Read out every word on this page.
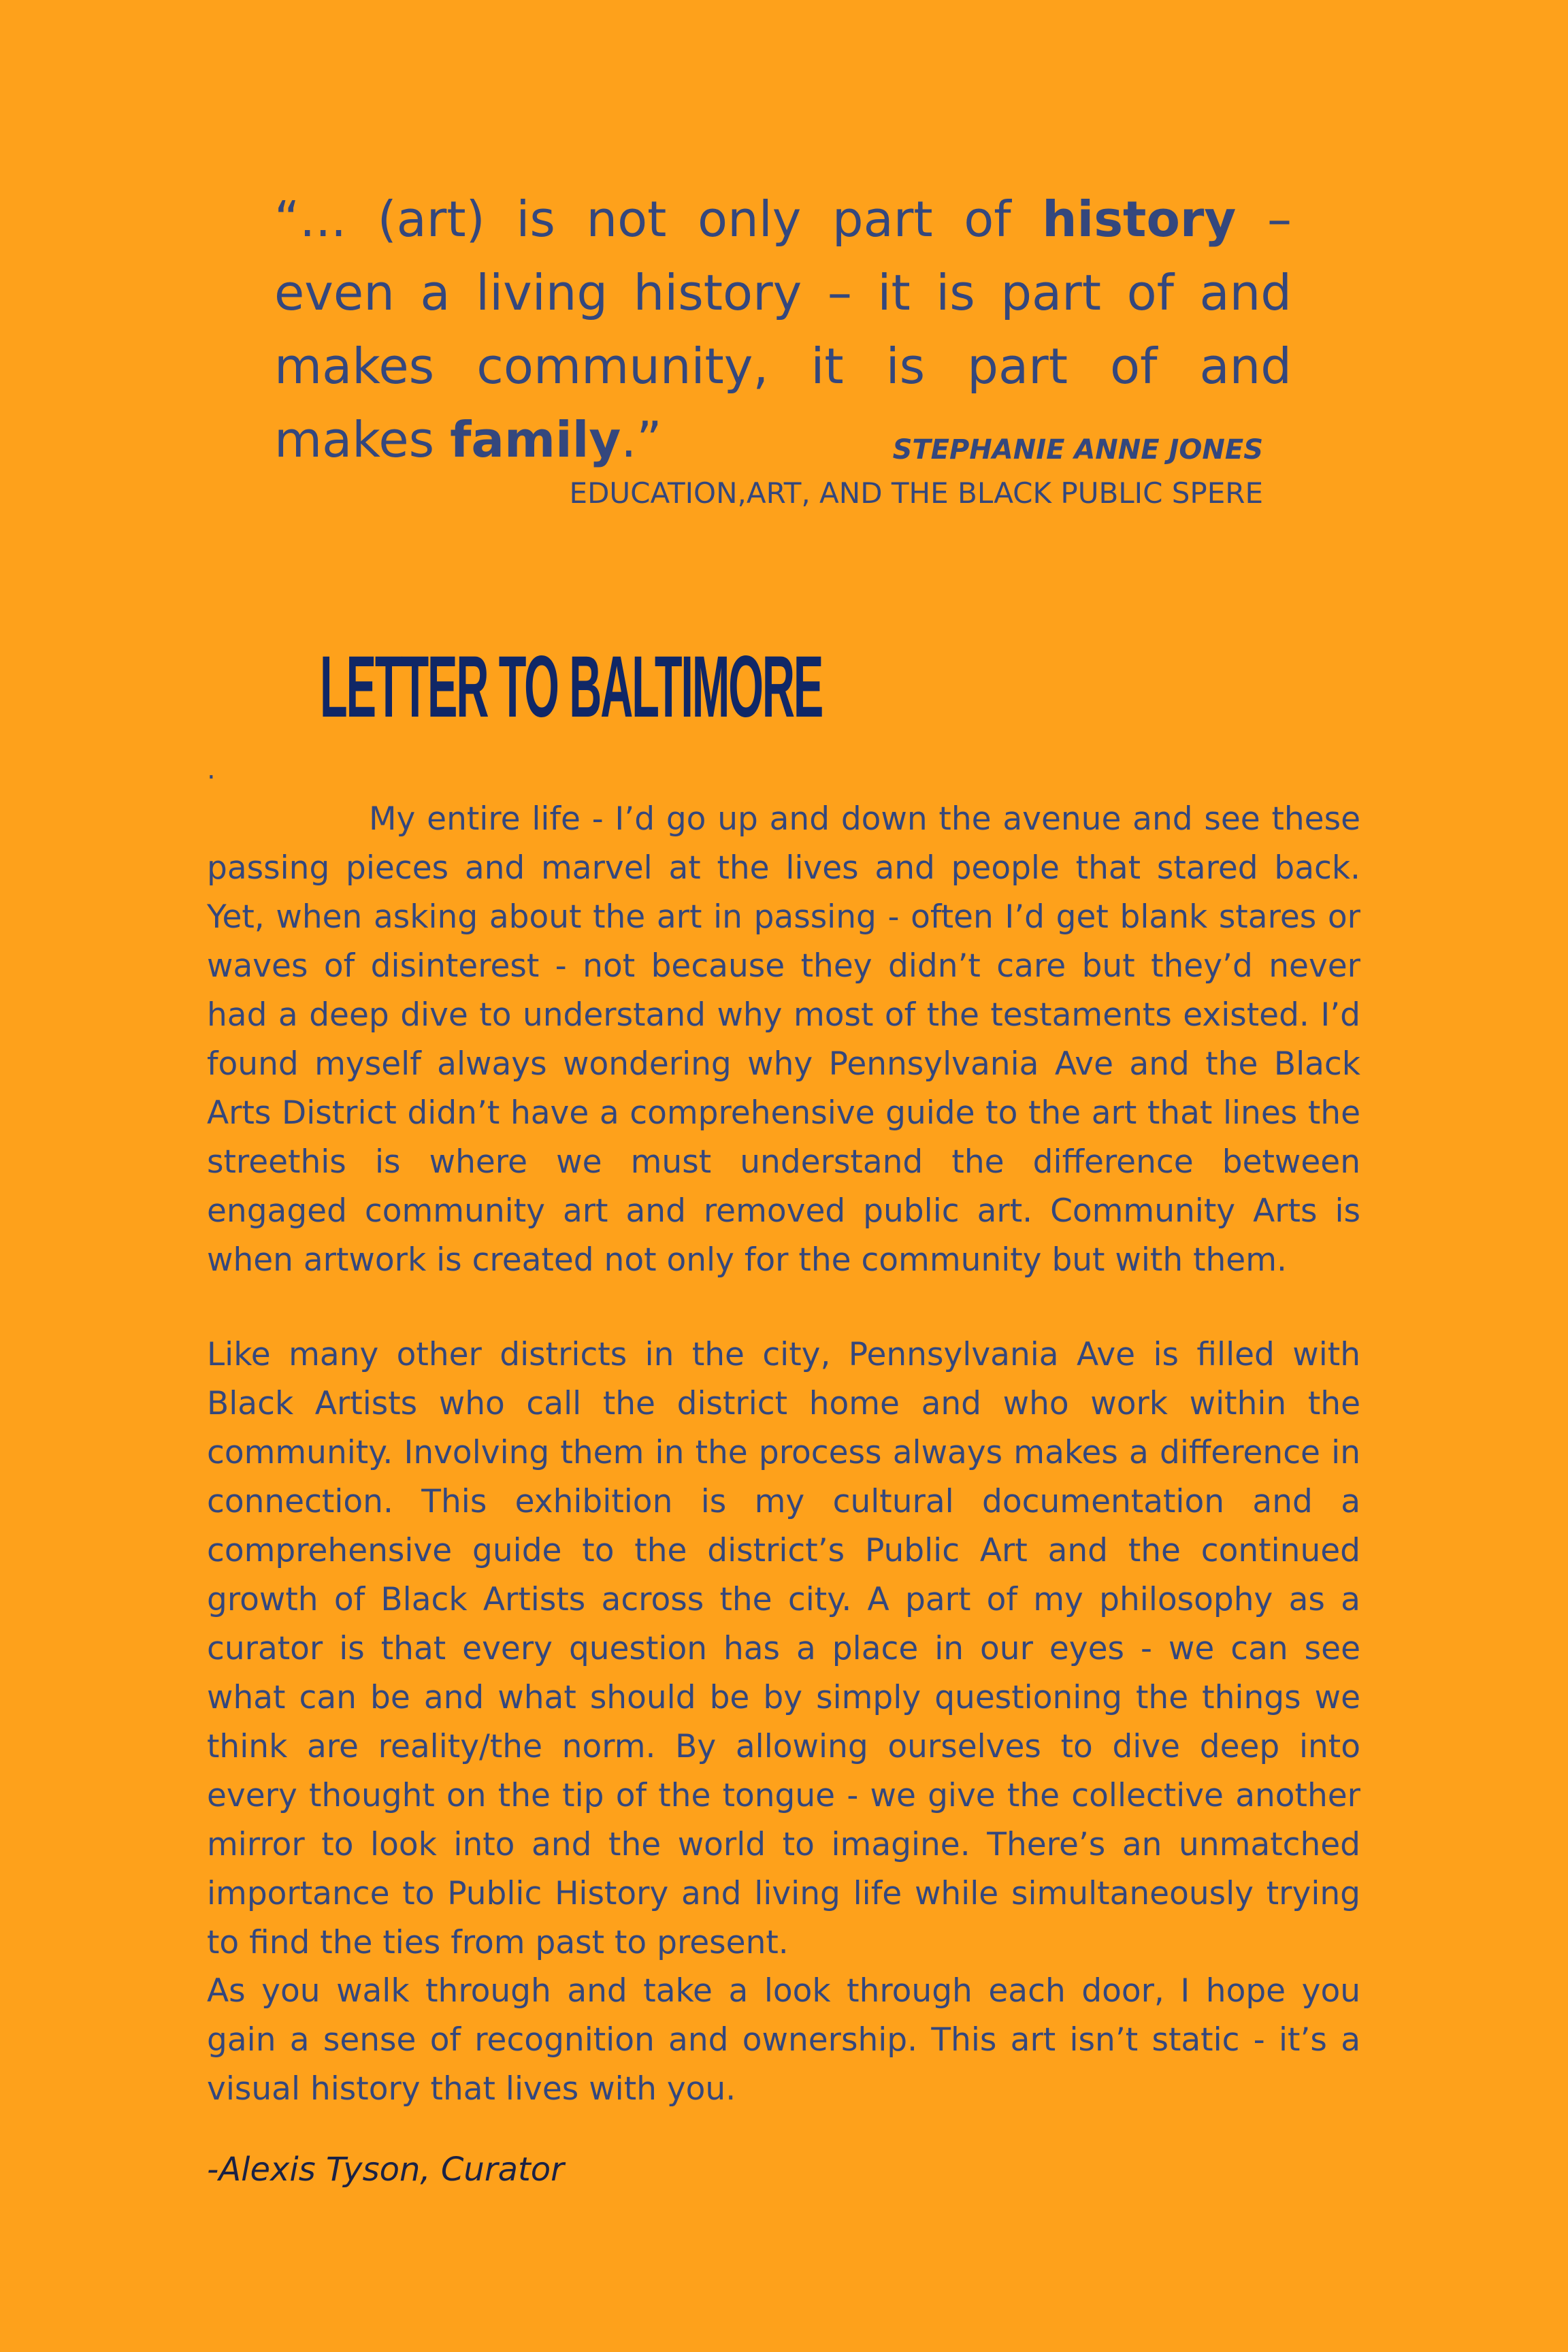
“... (art) is not only part of history – even a living history – it is part of and makes community, it is part of and makes family.”	STEPHANIE ANNE JONES

EDUCATION,ART, AND THE BLACK PUBLIC SPERE

LETTER TO BALTIMORE

.

My entire life - I’d go up and down the avenue and see these passing pieces and marvel at the lives and people that stared back. Yet, when asking about the art in passing - often I’d get blank stares or waves of disinterest - not because they didn’t care but they’d never had a deep dive to understand why most of the testaments existed. I’d found myself always wondering why Pennsylvania Ave and the Black Arts District didn’t have a comprehensive guide to the art that lines the streethis is where we must understand the difference between engaged community art and removed public art. Community Arts is when artwork is created not only for the community but with them.

Like many other districts in the city, Pennsylvania Ave is filled with Black Artists who call the district home and who work within the community. Involving them in the process always makes a difference in connection. This exhibition is my cultural documentation and a comprehensive guide to the district’s Public Art and the continued growth of Black Artists across the city. A part of my philosophy as a curator is that every question has a place in our eyes - we can see what can be and what should be by simply questioning the things we think are reality/the norm. By allowing ourselves to dive deep into every thought on the tip of the tongue - we give the collective another mirror to look into and the world to imagine. There’s an unmatched importance to Public History and living life while simultaneously trying to find the ties from past to present.

As you walk through and take a look through each door, I hope you gain a sense of recognition and ownership. This art isn’t static - it’s a visual history that lives with you.

-Alexis Tyson, Curator
